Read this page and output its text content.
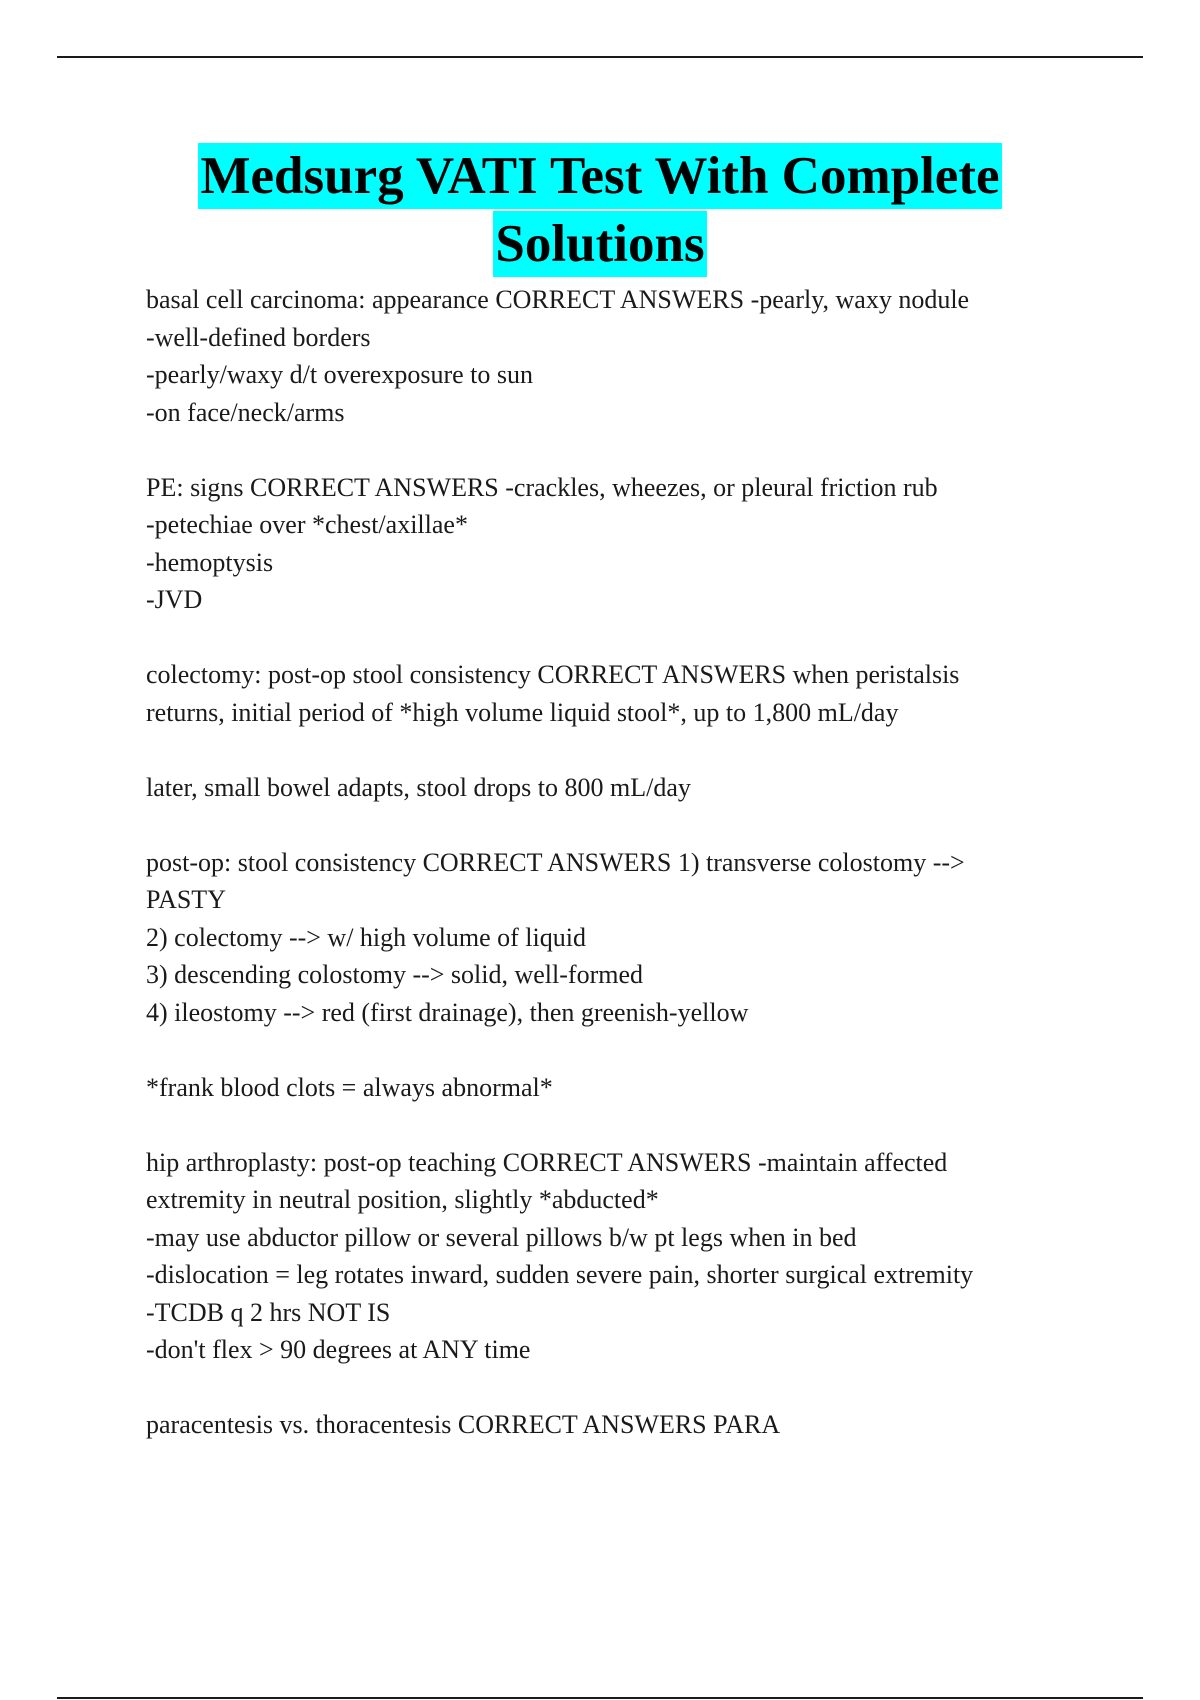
Medsurg VATI Test With Complete
Solutions
basal cell carcinoma: appearance CORRECT ANSWERS -pearly, waxy nodule
-well-defined borders
-pearly/waxy d/t overexposure to sun
-on face/neck/arms
PE: signs CORRECT ANSWERS -crackles, wheezes, or pleural friction rub
-petechiae over *chest/axillae*
-hemoptysis
-JVD
colectomy: post-op stool consistency CORRECT ANSWERS when peristalsis
returns, initial period of *high volume liquid stool*, up to 1,800 mL/day
later, small bowel adapts, stool drops to 800 mL/day
post-op: stool consistency CORRECT ANSWERS 1) transverse colostomy -->
PASTY
2) colectomy --> w/ high volume of liquid
3) descending colostomy --> solid, well-formed
4) ileostomy --> red (first drainage), then greenish-yellow
*frank blood clots = always abnormal*
hip arthroplasty: post-op teaching CORRECT ANSWERS -maintain affected
extremity in neutral position, slightly *abducted*
-may use abductor pillow or several pillows b/w pt legs when in bed
-dislocation = leg rotates inward, sudden severe pain, shorter surgical extremity
-TCDB q 2 hrs NOT IS
-don't flex > 90 degrees at ANY time
paracentesis vs. thoracentesis CORRECT ANSWERS PARA
